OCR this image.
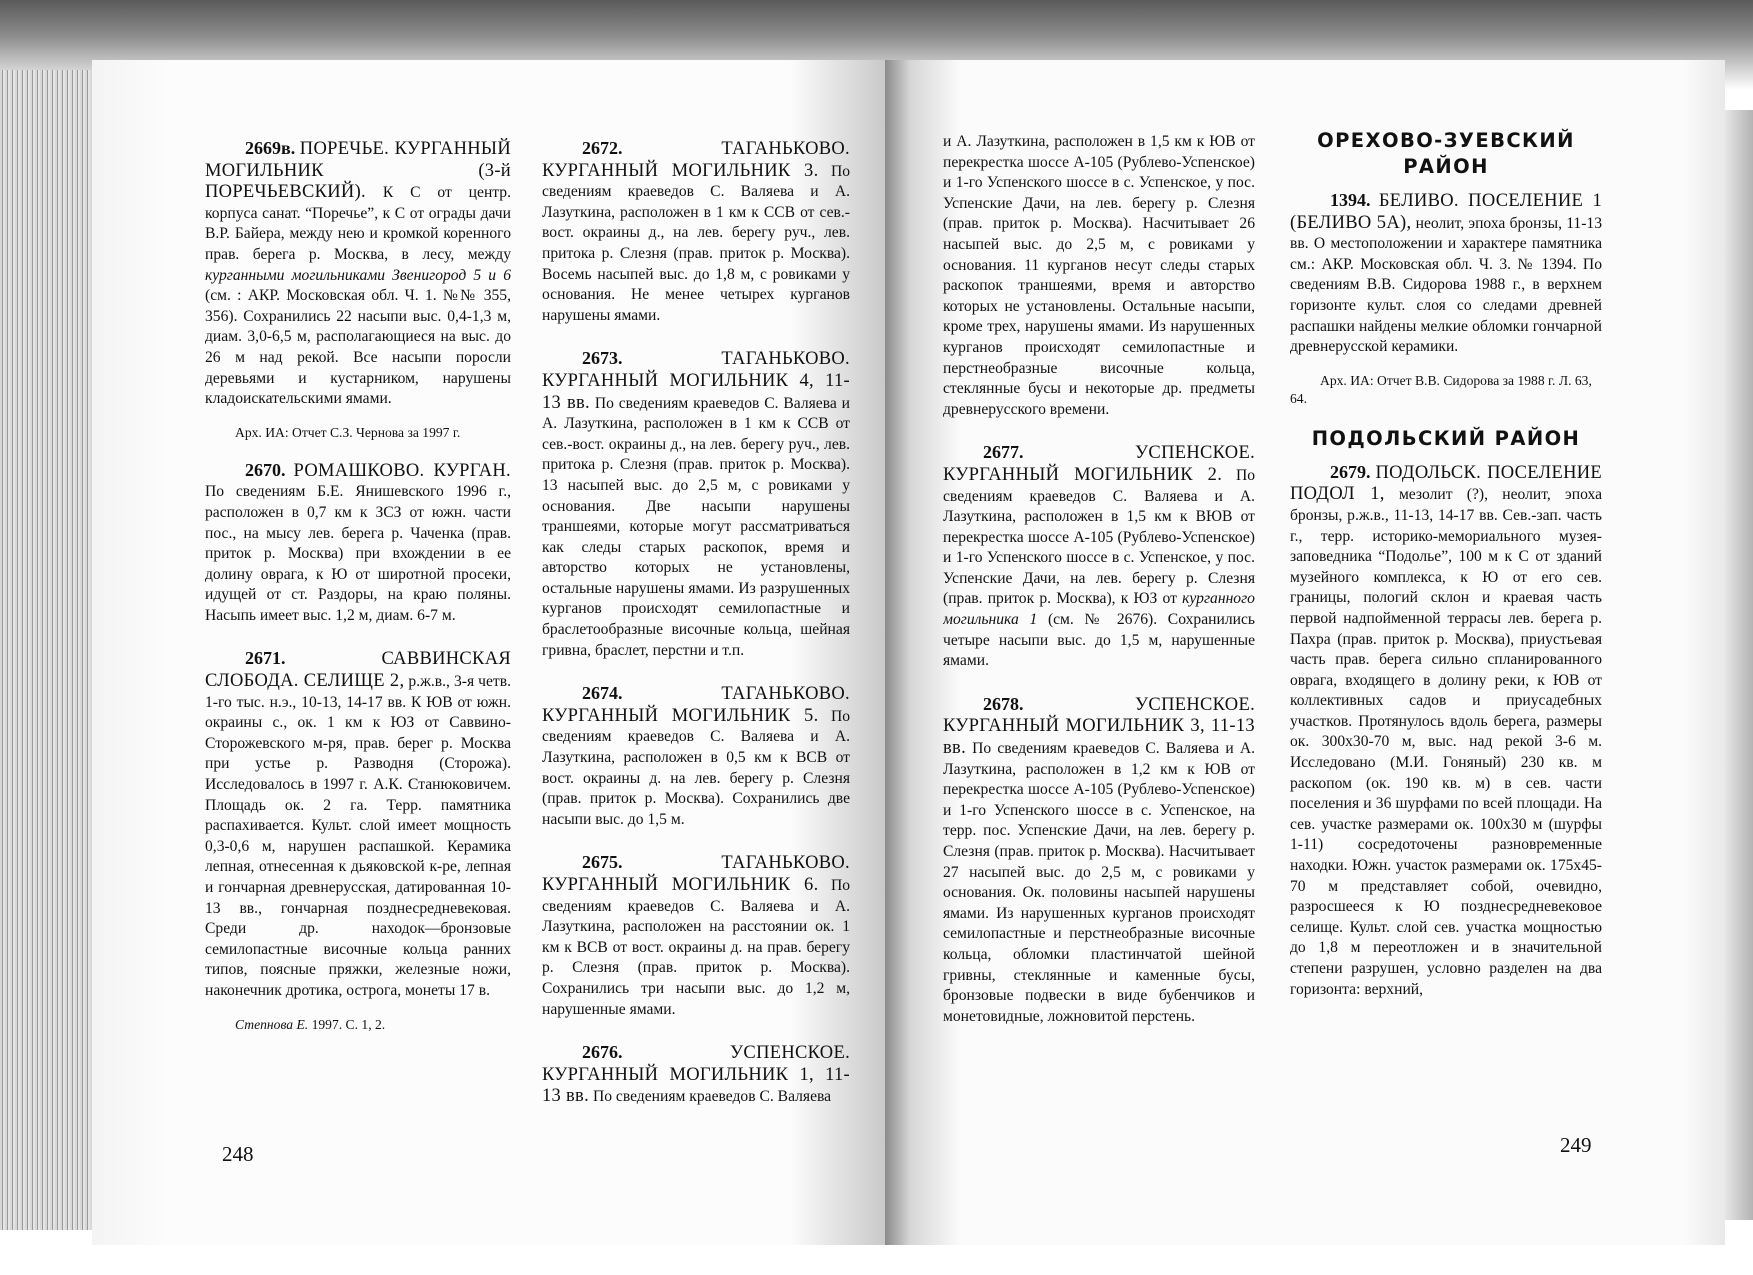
2669в. ПОРЕЧЬЕ. КУРГАННЫЙ МОГИЛЬНИК (3-й ПОРЕЧЬЕВСКИЙ). К С от центр. корпуса санат. “Поречье”, к С от ограды дачи В.Р. Байера, между нею и кромкой коренного прав. берега р. Москва, в лесу, между курганными могильниками Звенигород 5 и 6 (см. : АКР. Московская обл. Ч. 1. №№ 355, 356). Сохранились 22 насыпи выс. 0,4-1,3 м, диам. 3,0-6,5 м, располагающиеся на выс. до 26 м над рекой. Все насыпи поросли деревьями и кустарником, нарушены кладоискательскими ямами.

Арх. ИА: Отчет С.З. Чернова за 1997 г.

2670. РОМАШКОВО. КУРГАН. По сведениям Б.Е. Янишевского 1996 г., расположен в 0,7 км к ЗСЗ от южн. части пос., на мысу лев. берега р. Чаченка (прав. приток р. Москва) при вхождении в ее долину оврага, к Ю от широтной просеки, идущей от ст. Раздоры, на краю поляны. Насыпь имеет выс. 1,2 м, диам. 6-7 м.

2671.	САВВИНСКАЯ СЛОБОДА. СЕЛИЩЕ 2, р.ж.в., 3-я четв. 1-го тыс. н.э., 10-13, 14-17 вв. К ЮВ от южн. окраины с., ок. 1 км к ЮЗ от Саввино-Сторожевского м-ря, прав. берег р. Москва при устье р. Разводня (Сторожа). Исследовалось в 1997 г. А.К. Станюковичем. Площадь ок. 2 га. Терр. памятника распахивается. Культ. слой имеет мощность 0,3-0,6 м, нарушен распашкой. Керамика лепная, отнесенная к дьяковской к-ре, лепная и гончарная древнерусская, датированная 10-13 вв., гончарная позднесредневековая. Среди др. находок—бронзовые семилопастные височные кольца ранних типов, поясные пряжки, железные ножи, наконечник дротика, острога, монеты 17 в.

Степнова Е. 1997. С. 1, 2.

2672.	ТАГАНЬКОВО. КУРГАННЫЙ МОГИЛЬНИК 3. По сведениям краеведов С. Валяева и А. Лазуткина, расположен в 1 км к ССВ от сев.-вост. окраины д., на лев. берегу руч., лев. притока р. Слезня (прав. приток р. Москва). Восемь насыпей выс. до 1,8 м, с ровиками у основания. Не менее четырех курганов нарушены ямами.

2673.	ТАГАНЬКОВО. КУРГАННЫЙ МОГИЛЬНИК 4, 11-13 вв. По сведениям краеведов С. Валяева и А. Лазуткина, расположен в 1 км к ССВ от сев.-вост. окраины д., на лев. берегу руч., лев. притока р. Слезня (прав. приток р. Москва). 13 насыпей выс. до 2,5 м, с ровиками у основания. Две насыпи нарушены траншеями, которые могут рассматриваться как следы старых раскопок, время и авторство которых не установлены, остальные нарушены ямами. Из разрушенных курганов происходят семилопастные и браслетообразные височные кольца, шейная гривна, браслет, перстни и т.п.

2674.	ТАГАНЬКОВО. КУРГАННЫЙ МОГИЛЬНИК 5. По сведениям краеведов С. Валяева и А. Лазуткина, расположен в 0,5 км к ВСВ от вост. окраины д. на лев. берегу р. Слезня (прав. приток р. Москва). Сохранились две насыпи выс. до 1,5 м.

2675.	ТАГАНЬКОВО. КУРГАННЫЙ МОГИЛЬНИК 6. По сведениям краеведов С. Валяева и А. Лазуткина, расположен на расстоянии ок. 1 км к ВСВ от вост. окраины д. на прав. берегу р. Слезня (прав. приток р. Москва). Сохранились три насыпи выс. до 1,2 м, нарушенные ямами.

2676.	УСПЕНСКОЕ. КУРГАННЫЙ МОГИЛЬНИК 1, 11-13 вв. По сведениям краеведов С. Валяева

и А. Лазуткина, расположен в 1,5 км к ЮВ от перекрестка шоссе А-105 (Рублево-Успенское) и 1-го Успенского шоссе в с. Успенское, у пос. Успенские Дачи, на лев. берегу р. Слезня (прав. приток р. Москва). Насчитывает 26 насыпей выс. до 2,5 м, с ровиками у основания. 11 курганов несут следы старых раскопок траншеями, время и авторство которых не установлены. Остальные насыпи, кроме трех, нарушены ямами. Из нарушенных курганов происходят семилопастные и перстнеобразные височные кольца, стеклянные бусы и некоторые др. предметы древнерусского времени.

2677.	УСПЕНСКОЕ. КУРГАННЫЙ МОГИЛЬНИК 2. По сведениям краеведов С. Валяева и А. Лазуткина, расположен в 1,5 км к ВЮВ от перекрестка шоссе А-105 (Рублево-Успенское) и 1-го Успенского шоссе в с. Успенское, у пос. Успенские Дачи, на лев. берегу р. Слезня (прав. приток р. Москва), к ЮЗ от курганного могильника 1 (см. № 2676). Сохранились четыре насыпи выс. до 1,5 м, нарушенные ямами.

2678.	УСПЕНСКОЕ. КУРГАННЫЙ МОГИЛЬНИК 3, 11-13 вв. По сведениям краеведов С. Валяева и А. Лазуткина, расположен в 1,2 км к ЮВ от перекрестка шоссе А-105 (Рублево-Успенское) и 1-го Успенского шоссе в с. Успенское, на терр. пос. Успенские Дачи, на лев. берегу р. Слезня (прав. приток р. Москва). Насчитывает 27 насыпей выс. до 2,5 м, с ровиками у основания. Ок. половины насыпей нарушены ямами. Из нарушенных курганов происходят семилопастные и перстнеобразные височные кольца, обломки пластинчатой шейной гривны, стеклянные и каменные бусы, бронзовые подвески в виде бубенчиков и монетовидные, ложновитой перстень.

ОРЕХОВО-ЗУЕВСКИЙ РАЙОН

1394. БЕЛИВО. ПОСЕЛЕНИЕ 1 (БЕЛИВО 5А), неолит, эпоха бронзы, 11-13 вв. О местоположении и характере памятника см.: АКР. Московская обл. Ч. 3. № 1394. По сведениям В.В. Сидорова 1988 г., в верхнем горизонте культ. слоя со следами древней распашки найдены мелкие обломки гончарной древнерусской керамики.

Арх. ИА: Отчет В.В. Сидорова за 1988 г. Л. 63, 64.

ПОДОЛЬСКИЙ РАЙОН

2679. ПОДОЛЬСК. ПОСЕЛЕНИЕ ПОДОЛ 1, мезолит (?), неолит, эпоха бронзы, р.ж.в., 11-13, 14-17 вв. Сев.-зап. часть г., терр. историко-мемориального музея-заповедника “Подолье”, 100 м к С от зданий музейного комплекса, к Ю от его сев. границы, пологий склон и краевая часть первой надпойменной террасы лев. берега р. Пахра (прав. приток р. Москва), приустьевая часть прав. берега сильно спланированного оврага, входящего в долину реки, к ЮВ от коллективных садов и приусадебных участков. Протянулось вдоль берега, размеры ок. 300х30-70 м, выс. над рекой 3-6 м. Исследовано (М.И. Гоняный) 230 кв. м раскопом (ок. 190 кв. м) в сев. части поселения и 36 шурфами по всей площади. На сев. участке размерами ок. 100х30 м (шурфы 1-11) сосредоточены разновременные находки. Южн. участок размерами ок. 175х45-70 м представляет собой, очевидно, разросшееся к Ю позднесредневековое селище. Культ. слой сев. участка мощностью до 1,8 м переотложен и в значительной степени разрушен, условно разделен на два горизонта: верхний,

248	249
